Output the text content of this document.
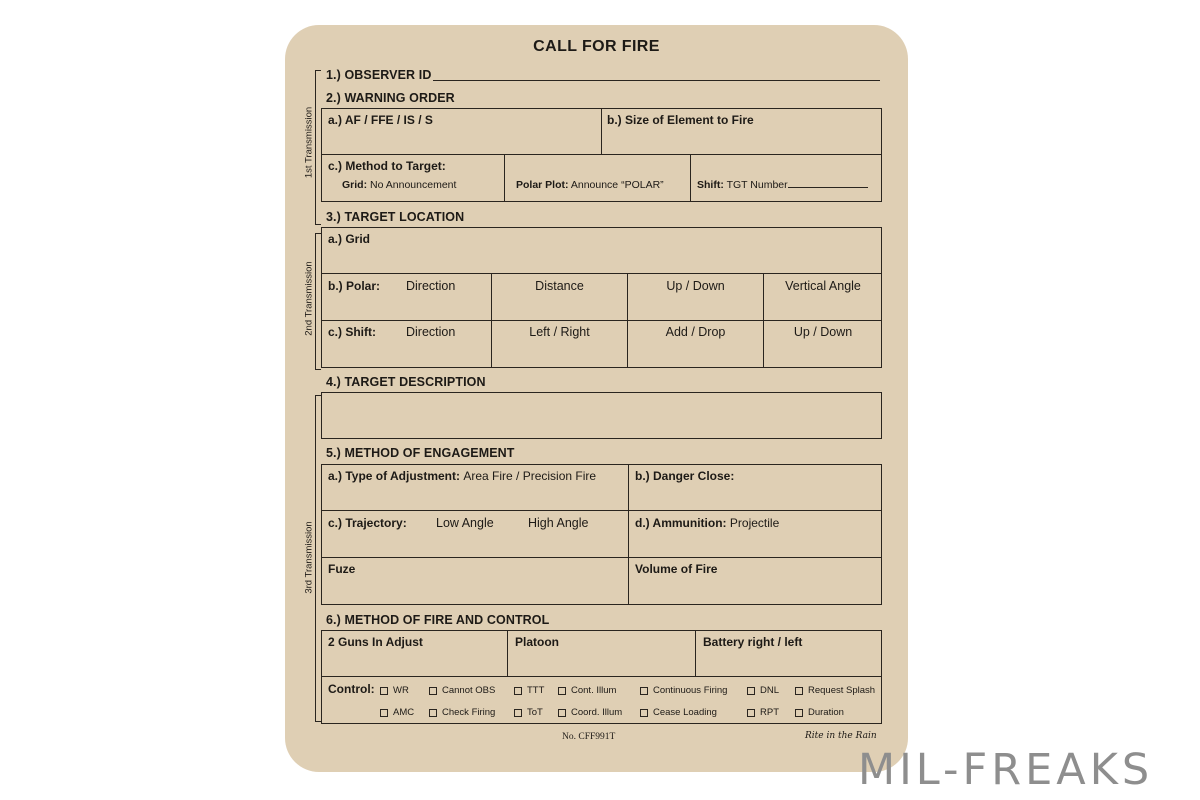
CALL FOR FIRE
1st Transmission
2nd Transmission
3rd Transmission
1.) OBSERVER ID
2.) WARNING ORDER
a.) AF / FFE / IS / S	b.) Size of Element to Fire
c.) Method to Target:
Grid: No Announcement	Polar Plot: Announce “POLAR”	Shift: TGT Number
3.) TARGET LOCATION
a.) Grid
b.) Polar: Direction	Distance	Up / Down	Vertical Angle
c.) Shift: Direction	Left / Right	Add / Drop	Up / Down
4.) TARGET DESCRIPTION
5.) METHOD OF ENGAGEMENT
a.) Type of Adjustment: Area Fire / Precision Fire	b.) Danger Close:
c.) Trajectory: Low Angle	High Angle	d.) Ammunition: Projectile
Fuze	Volume of Fire
6.) METHOD OF FIRE AND CONTROL
2 Guns In Adjust	Platoon	Battery right / left
Control: WR	Cannot OBS	TTT	Cont. Illum	Continuous Firing	DNL	Request Splash
AMC	Check Firing	ToT	Coord. Illum	Cease Loading	RPT	Duration
No. CFF991T	Rite in the Rain
MIL-FREAKS
